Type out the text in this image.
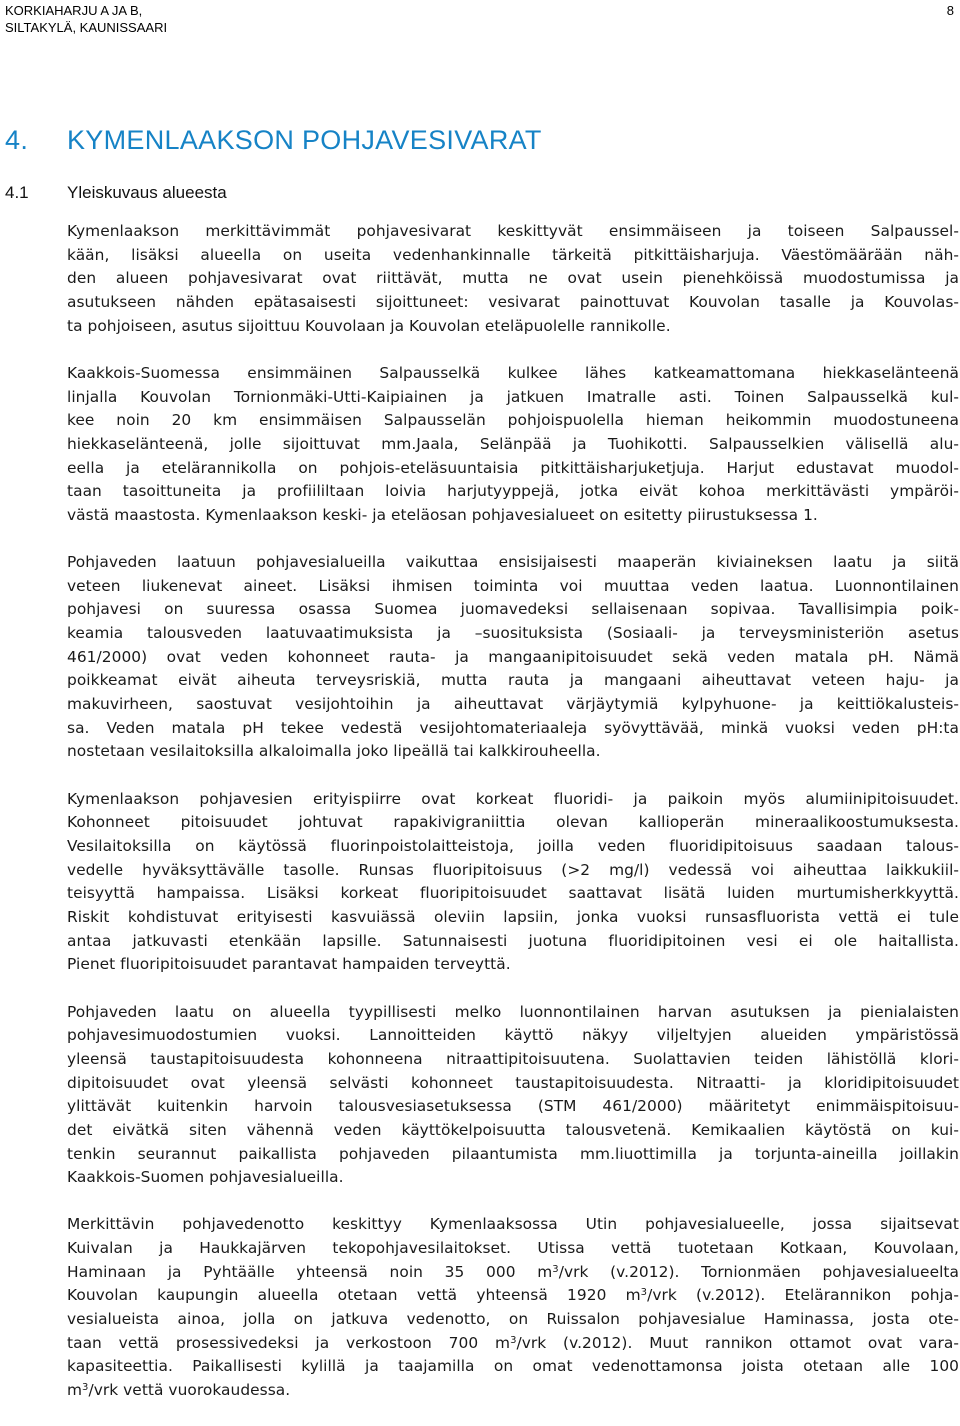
KORKIAHARJU A JA B,
SILTAKYLÄ, KAUNISSAARI
8
4. KYMENLAAKSON POHJAVESIVARAT
4.1 Yleiskuvaus alueesta

Kymenlaakson merkittävimmät pohjavesivarat keskittyvät ensimmäiseen ja toiseen Salpaussel-
kään, lisäksi alueella on useita vedenhankinnalle tärkeitä pitkittäisharjuja. Väestömäärään näh-
den alueen pohjavesivarat ovat riittävät, mutta ne ovat usein pienehköissä muodostumissa ja
asutukseen nähden epätasaisesti sijoittuneet: vesivarat painottuvat Kouvolan tasalle ja Kouvolas-
ta pohjoiseen, asutus sijoittuu Kouvolaan ja Kouvolan eteläpuolelle rannikolle.

Kaakkois-Suomessa ensimmäinen Salpausselkä kulkee lähes katkeamattomana hiekkaselänteenä
linjalla Kouvolan Tornionmäki-Utti-Kaipiainen ja jatkuen Imatralle asti. Toinen Salpausselkä kul-
kee noin 20 km ensimmäisen Salpausselän pohjoispuolella hieman heikommin muodostuneena
hiekkaselänteenä, jolle sijoittuvat mm.Jaala, Selänpää ja Tuohikotti. Salpausselkien välisellä alu-
eella ja etelärannikolla on pohjois-eteläsuuntaisia pitkittäisharjuketjuja. Harjut edustavat muodol-
taan tasoittuneita ja profiililtaan loivia harjutyyppejä, jotka eivät kohoa merkittävästi ympäröi-
västä maastosta. Kymenlaakson keski- ja eteläosan pohjavesialueet on esitetty piirustuksessa 1.

Pohjaveden laatuun pohjavesialueilla vaikuttaa ensisijaisesti maaperän kiviaineksen laatu ja siitä
veteen liukenevat aineet. Lisäksi ihmisen toiminta voi muuttaa veden laatua. Luonnontilainen
pohjavesi on suuressa osassa Suomea juomavedeksi sellaisenaan sopivaa. Tavallisimpia poik-
keamia talousveden laatuvaatimuksista ja –suosituksista (Sosiaali- ja terveysministeriön asetus
461/2000) ovat veden kohonneet rauta- ja mangaanipitoisuudet sekä veden matala pH. Nämä
poikkeamat eivät aiheuta terveysriskiä, mutta rauta ja mangaani aiheuttavat veteen haju- ja
makuvirheen, saostuvat vesijohtoihin ja aiheuttavat värjäytymiä kylpyhuone- ja keittiökalusteis-
sa. Veden matala pH tekee vedestä vesijohtomateriaaleja syövyttävää, minkä vuoksi veden pH:ta
nostetaan vesilaitoksilla alkaloimalla joko lipeällä tai kalkkirouheella.

Kymenlaakson pohjavesien erityispiirre ovat korkeat fluoridi- ja paikoin myös alumiinipitoisuudet.
Kohonneet pitoisuudet johtuvat rapakivigraniittia olevan kallioperän mineraalikoostumuksesta.
Vesilaitoksilla on käytössä fluorinpoistolaitteistoja, joilla veden fluoridipitoisuus saadaan talous-
vedelle hyväksyttävälle tasolle. Runsas fluoripitoisuus (>2 mg/l) vedessä voi aiheuttaa laikkukiil-
teisyyttä hampaissa. Lisäksi korkeat fluoripitoisuudet saattavat lisätä luiden murtumisherkkyyttä.
Riskit kohdistuvat erityisesti kasvuiässä oleviin lapsiin, jonka vuoksi runsasfluorista vettä ei tule
antaa jatkuvasti etenkään lapsille. Satunnaisesti juotuna fluoridipitoinen vesi ei ole haitallista.
Pienet fluoripitoisuudet parantavat hampaiden terveyttä.

Pohjaveden laatu on alueella tyypillisesti melko luonnontilainen harvan asutuksen ja pienialaisten
pohjavesimuodostumien vuoksi. Lannoitteiden käyttö näkyy viljeltyjen alueiden ympäristössä
yleensä taustapitoisuudesta kohonneena nitraattipitoisuutena. Suolattavien teiden lähistöllä klori-
dipitoisuudet ovat yleensä selvästi kohonneet taustapitoisuudesta. Nitraatti- ja kloridipitoisuudet
ylittävät kuitenkin harvoin talousvesiasetuksessa (STM 461/2000) määritetyt enimmäispitoisuu-
det eivätkä siten vähennä veden käyttökelpoisuutta talousvetenä. Kemikaalien käytöstä on kui-
tenkin seurannut paikallista pohjaveden pilaantumista mm.liuottimilla ja torjunta-aineilla joillakin
Kaakkois-Suomen pohjavesialueilla.

Merkittävin pohjavedenotto keskittyy Kymenlaaksossa Utin pohjavesialueelle, jossa sijaitsevat
Kuivalan ja Haukkajärven tekopohjavesilaitokset. Utissa vettä tuotetaan Kotkaan, Kouvolaan,
Haminaan ja Pyhtäälle yhteensä noin 35 000 $m^3$/vrk (v.2012). Tornionmäen pohjavesialueelta
Kouvolan kaupungin alueella otetaan vettä yhteensä 1920 $m^3$/vrk (v.2012). Etelärannikon pohja-
vesialueista ainoa, jolla on jatkuva vedenotto, on Ruissalon pohjavesialue Haminassa, josta ote-
taan vettä prosessivedeksi ja verkostoon 700 $m^3$/vrk (v.2012). Muut rannikon ottamot ovat vara-
kapasiteettia. Paikallisesti kylillä ja taajamilla on omat vedenottamonsa joista otetaan alle 100
$m^3$/vrk vettä vuorokaudessa.
